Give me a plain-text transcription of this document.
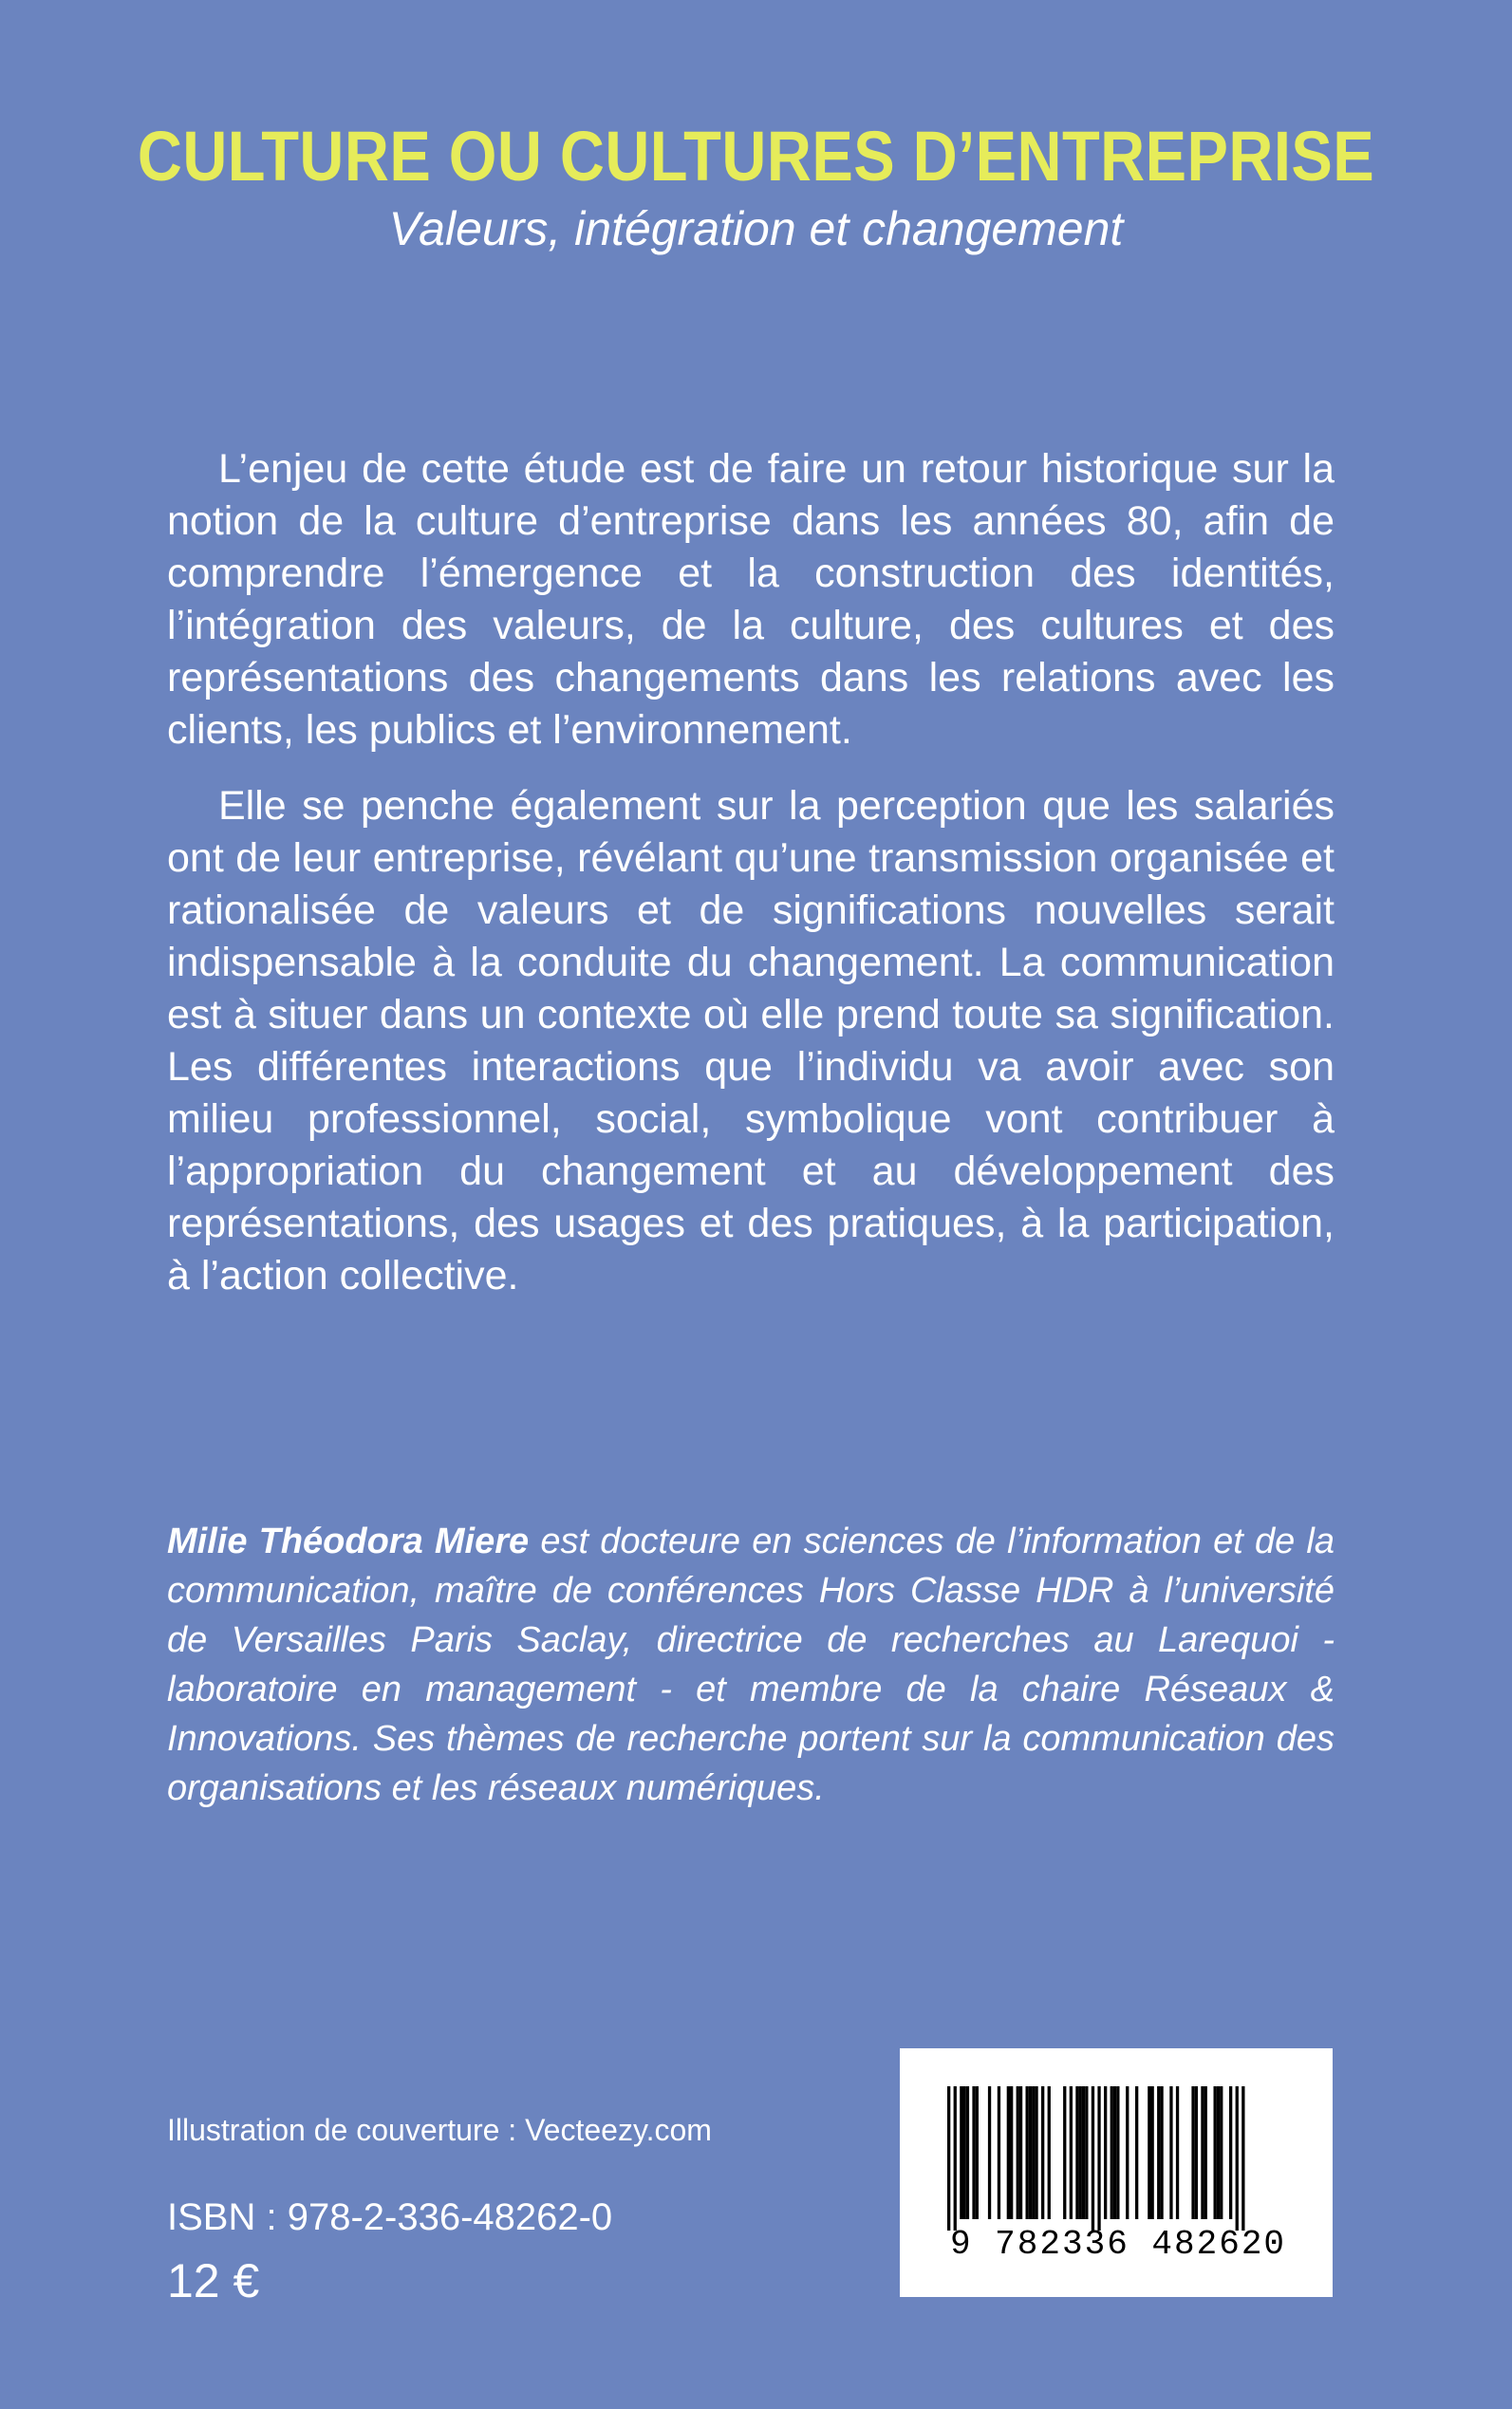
CULTURE OU CULTURES D’ENTREPRISE
Valeurs, intégration et changement
L’enjeu de cette étude est de faire un retour historique sur la notion de la culture d’entreprise dans les années 80, afin de comprendre l’émergence et la construction des identités, l’intégration des valeurs, de la culture, des cultures et des représentations des changements dans les relations avec les clients, les publics et l’environnement.
Elle se penche également sur la perception que les salariés ont de leur entreprise, révélant qu’une transmission organisée et rationalisée de valeurs et de significations nouvelles serait indispensable à la conduite du changement. La communication est à situer dans un contexte où elle prend toute sa signification. Les différentes interactions que l’individu va avoir avec son milieu professionnel, social, symbolique vont contribuer à l’appropriation du changement et au développement des représentations, des usages et des pratiques, à la participation, à l’action collective.
Milie Théodora Miere est docteure en sciences de l’information et de la communication, maître de conférences Hors Classe HDR à l’université de Versailles Paris Saclay, directrice de recherches au Larequoi - laboratoire en management - et membre de la chaire Réseaux & Innovations. Ses thèmes de recherche portent sur la communication des organisations et les réseaux numériques.
Illustration de couverture : Vecteezy.com
ISBN : 978-2-336-48262-0
12 €
9 782336 482620
